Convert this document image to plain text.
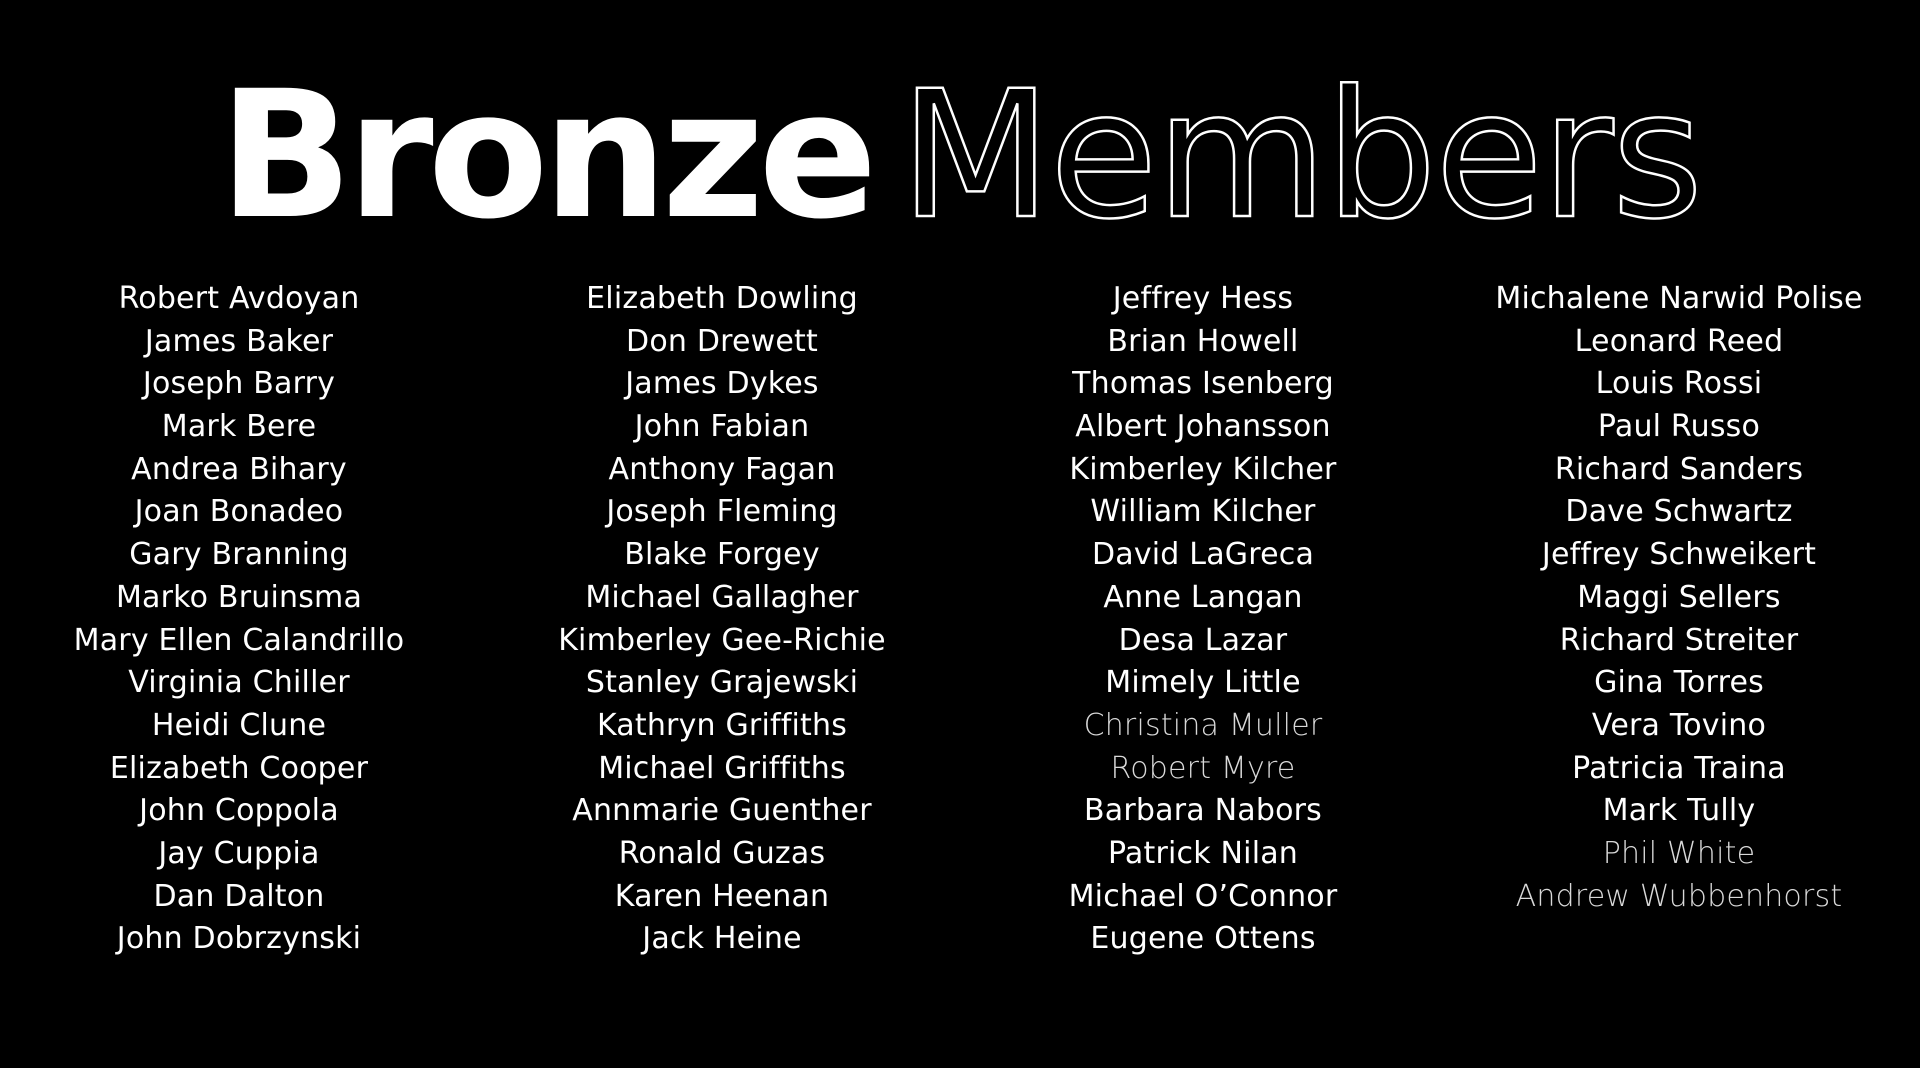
Bronze Members
Robert Avdoyan
James Baker
Joseph Barry
Mark Bere
Andrea Bihary
Joan Bonadeo
Gary Branning
Marko Bruinsma
Mary Ellen Calandrillo
Virginia Chiller
Heidi Clune
Elizabeth Cooper
John Coppola
Jay Cuppia
Dan Dalton
John Dobrzynski
Elizabeth Dowling
Don Drewett
James Dykes
John Fabian
Anthony Fagan
Joseph Fleming
Blake Forgey
Michael Gallagher
Kimberley Gee-Richie
Stanley Grajewski
Kathryn Griffiths
Michael Griffiths
Annmarie Guenther
Ronald Guzas
Karen Heenan
Jack Heine
Jeffrey Hess
Brian Howell
Thomas Isenberg
Albert Johansson
Kimberley Kilcher
William Kilcher
David LaGreca
Anne Langan
Desa Lazar
Mimely Little
Christina Muller
Robert Myre
Barbara Nabors
Patrick Nilan
Michael O’Connor
Eugene Ottens
Michalene Narwid Polise
Leonard Reed
Louis Rossi
Paul Russo
Richard Sanders
Dave Schwartz
Jeffrey Schweikert
Maggi Sellers
Richard Streiter
Gina Torres
Vera Tovino
Patricia Traina
Mark Tully
Phil White
Andrew Wubbenhorst
